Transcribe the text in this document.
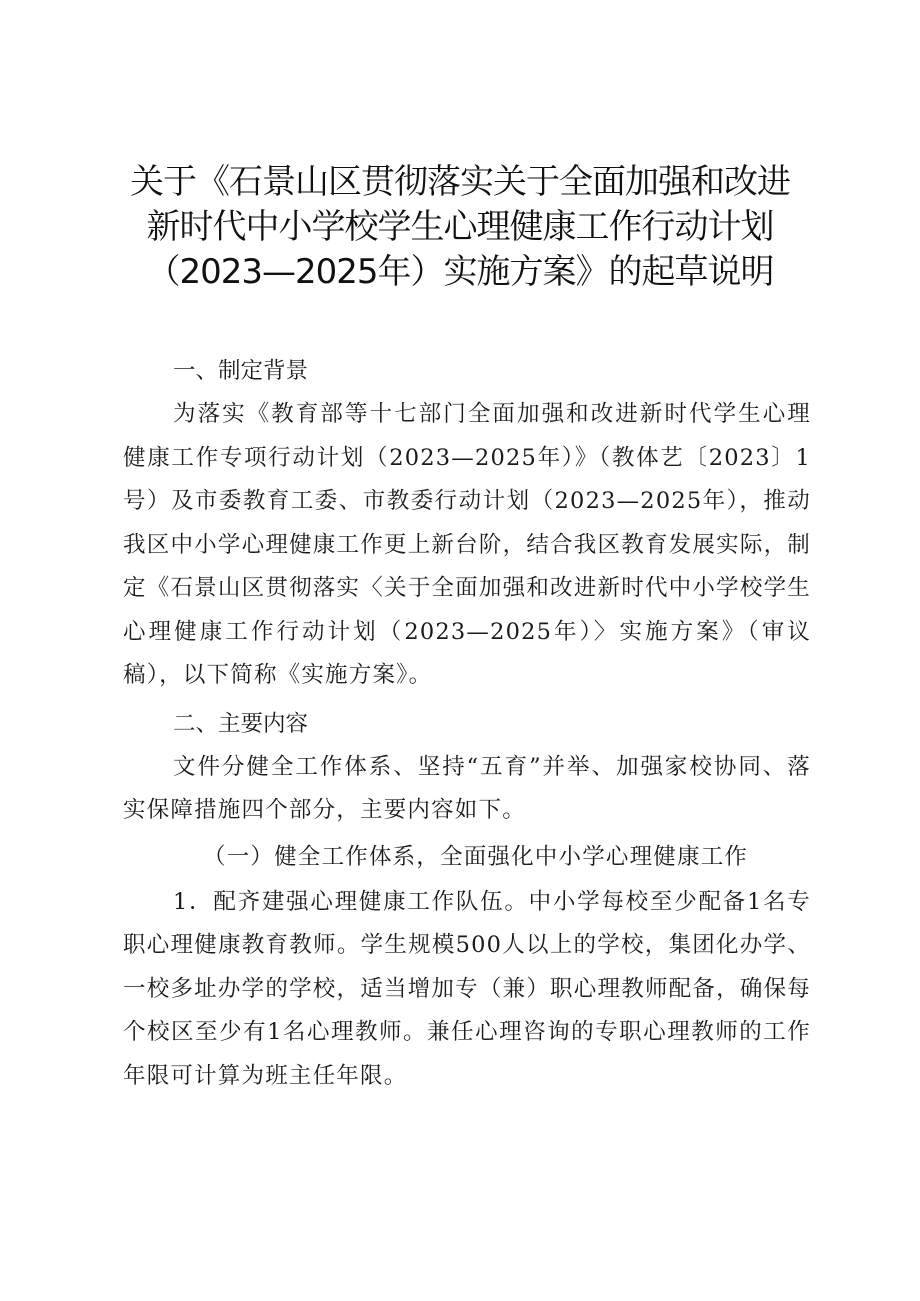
关于《石景山区贯彻落实关于全面加强和改进
新时代中小学校学生心理健康工作行动计划
（2023—2025年）实施方案》的起草说明

一、制定背景

为落实《教育部等十七部门全面加强和改进新时代学生心理健康工作专项行动计划（2023—2025年）》（教体艺〔2023〕1号）及市委教育工委、市教委行动计划（2023—2025年），推动我区中小学心理健康工作更上新台阶，结合我区教育发展实际，制定《石景山区贯彻落实〈关于全面加强和改进新时代中小学校学生心理健康工作行动计划（2023—2025年）〉实施方案》（审议稿），以下简称《实施方案》。

二、主要内容

文件分健全工作体系、坚持“五育”并举、加强家校协同、落实保障措施四个部分，主要内容如下。

（一）健全工作体系，全面强化中小学心理健康工作

1．配齐建强心理健康工作队伍。中小学每校至少配备1名专职心理健康教育教师。学生规模500人以上的学校，集团化办学、一校多址办学的学校，适当增加专（兼）职心理教师配备，确保每个校区至少有1名心理教师。兼任心理咨询的专职心理教师的工作年限可计算为班主任年限。
